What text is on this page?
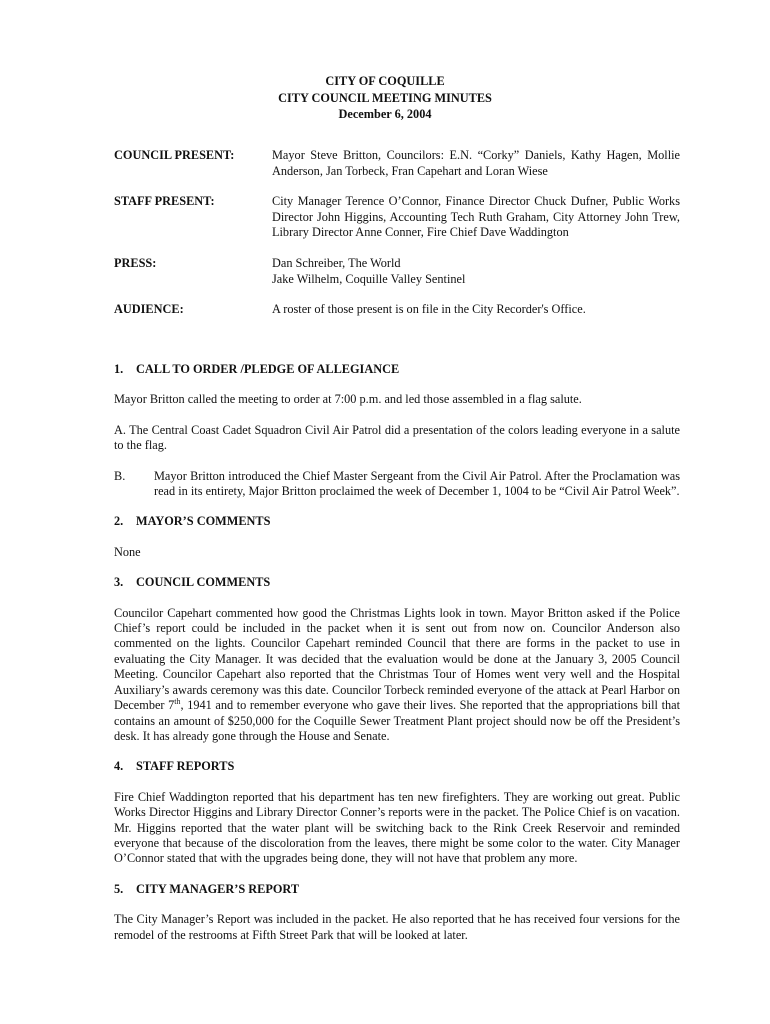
CITY OF COQUILLE
CITY COUNCIL MEETING MINUTES
December 6, 2004
COUNCIL PRESENT:	Mayor Steve Britton, Councilors: E.N. “Corky” Daniels, Kathy Hagen, Mollie Anderson, Jan Torbeck, Fran Capehart and Loran Wiese
STAFF PRESENT:	City Manager Terence O’Connor, Finance Director Chuck Dufner, Public Works Director John Higgins, Accounting Tech Ruth Graham, City Attorney John Trew, Library Director Anne Conner, Fire Chief Dave Waddington
PRESS:	Dan Schreiber, The World
Jake Wilhelm, Coquille Valley Sentinel
AUDIENCE:	A roster of those present is on file in the City Recorder's Office.
1.	CALL TO ORDER /PLEDGE OF ALLEGIANCE

Mayor Britton called the meeting to order at 7:00 p.m. and led those assembled in a flag salute.

A. The Central Coast Cadet Squadron Civil Air Patrol did a presentation of the colors leading everyone in a salute to the flag.

B.	Mayor Britton introduced the Chief Master Sergeant from the Civil Air Patrol. After the Proclamation was read in its entirety, Major Britton proclaimed the week of December 1, 1004 to be “Civil Air Patrol Week”.
2.	MAYOR’S COMMENTS

None

3.	COUNCIL COMMENTS

Councilor Capehart commented how good the Christmas Lights look in town. Mayor Britton asked if the Police Chief’s report could be included in the packet when it is sent out from now on. Councilor Anderson also commented on the lights. Councilor Capehart reminded Council that there are forms in the packet to use in evaluating the City Manager. It was decided that the evaluation would be done at the January 3, 2005 Council Meeting. Councilor Capehart also reported that the Christmas Tour of Homes went very well and the Hospital Auxiliary’s awards ceremony was this date. Councilor Torbeck reminded everyone of the attack at Pearl Harbor on December 7th, 1941 and to remember everyone who gave their lives. She reported that the appropriations bill that contains an amount of $250,000 for the Coquille Sewer Treatment Plant project should now be off the President’s desk. It has already gone through the House and Senate.

4.	STAFF REPORTS

Fire Chief Waddington reported that his department has ten new firefighters. They are working out great. Public Works Director Higgins and Library Director Conner’s reports were in the packet. The Police Chief is on vacation. Mr. Higgins reported that the water plant will be switching back to the Rink Creek Reservoir and reminded everyone that because of the discoloration from the leaves, there might be some color to the water. City Manager O’Connor stated that with the upgrades being done, they will not have that problem any more.

5.	CITY MANAGER’S REPORT

The City Manager’s Report was included in the packet. He also reported that he has received four versions for the remodel of the restrooms at Fifth Street Park that will be looked at later.
